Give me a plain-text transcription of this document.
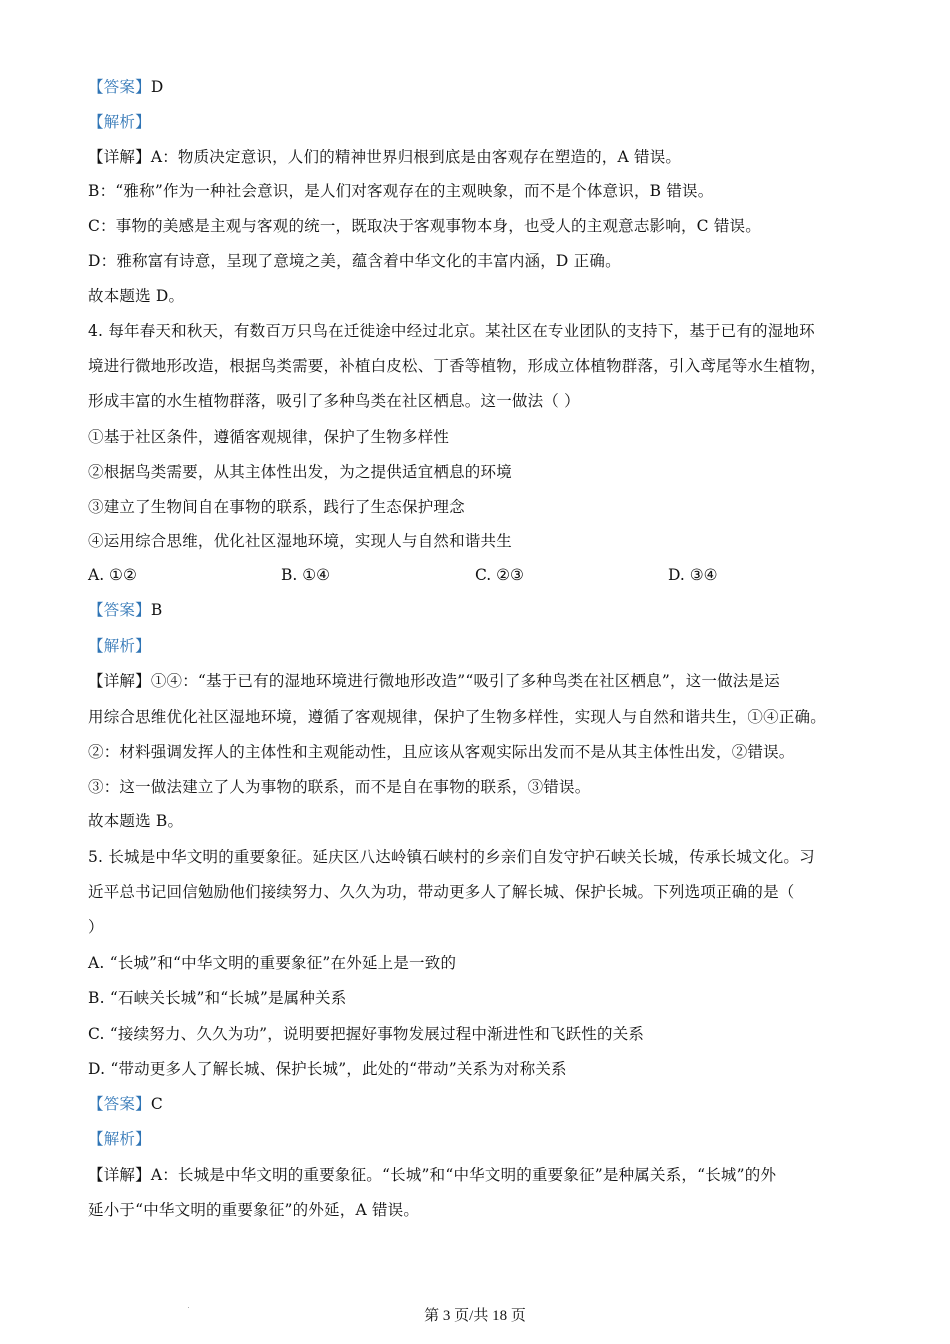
【答案】D
【解析】
【详解】A：物质决定意识，人们的精神世界归根到底是由客观存在塑造的，A 错误。
B：“雅称”作为一种社会意识，是人们对客观存在的主观映象，而不是个体意识，B 错误。
C：事物的美感是主观与客观的统一，既取决于客观事物本身，也受人的主观意志影响，C 错误。
D：雅称富有诗意，呈现了意境之美，蕴含着中华文化的丰富内涵，D 正确。
故本题选 D。
4. 每年春天和秋天，有数百万只鸟在迁徙途中经过北京。某社区在专业团队的支持下，基于已有的湿地环
境进行微地形改造，根据鸟类需要，补植白皮松、丁香等植物，形成立体植物群落，引入鸢尾等水生植物，
形成丰富的水生植物群落，吸引了多种鸟类在社区栖息。这一做法（ ）
①基于社区条件，遵循客观规律，保护了生物多样性
②根据鸟类需要，从其主体性出发，为之提供适宜栖息的环境
③建立了生物间自在事物的联系，践行了生态保护理念
④运用综合思维，优化社区湿地环境，实现人与自然和谐共生
A. ①②	B. ①④	C. ②③	D. ③④
【答案】B
【解析】
【详解】①④：“基于已有的湿地环境进行微地形改造”“吸引了多种鸟类在社区栖息”，这一做法是运
用综合思维优化社区湿地环境，遵循了客观规律，保护了生物多样性，实现人与自然和谐共生，①④正确。
②：材料强调发挥人的主体性和主观能动性，且应该从客观实际出发而不是从其主体性出发，②错误。
③：这一做法建立了人为事物的联系，而不是自在事物的联系，③错误。
故本题选 B。
5. 长城是中华文明的重要象征。延庆区八达岭镇石峡村的乡亲们自发守护石峡关长城，传承长城文化。习
近平总书记回信勉励他们接续努力、久久为功，带动更多人了解长城、保护长城。下列选项正确的是（
）
A. “长城”和“中华文明的重要象征”在外延上是一致的
B. “石峡关长城”和“长城”是属种关系
C. “接续努力、久久为功”，说明要把握好事物发展过程中渐进性和飞跃性的关系
D. “带动更多人了解长城、保护长城”，此处的“带动”关系为对称关系
【答案】C
【解析】
【详解】A：长城是中华文明的重要象征。“长城”和“中华文明的重要象征”是种属关系，“长城”的外
延小于“中华文明的重要象征”的外延，A 错误。
第 3 页/共 18 页
